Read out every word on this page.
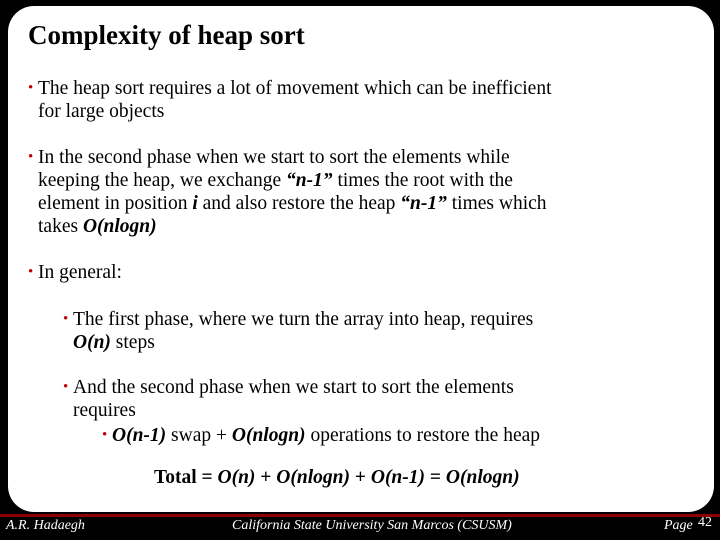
Complexity of heap sort
• The heap sort requires a lot of movement which can be inefficient
for large objects
• In the second phase when we start to sort the elements while
keeping the heap, we exchange “n-1” times the root with the
element in position i and also restore the heap “n-1” times which
takes O(nlogn)
• In general:
• The first phase, where we turn the array into heap, requires
O(n) steps
• And the second phase when we start to sort the elements
requires
• O(n-1) swap + O(nlogn) operations to restore the heap
Total = O(n) + O(nlogn) + O(n-1) = O(nlogn)
A.R. Hadaegh	California State University San Marcos (CSUSM)	Page 42
